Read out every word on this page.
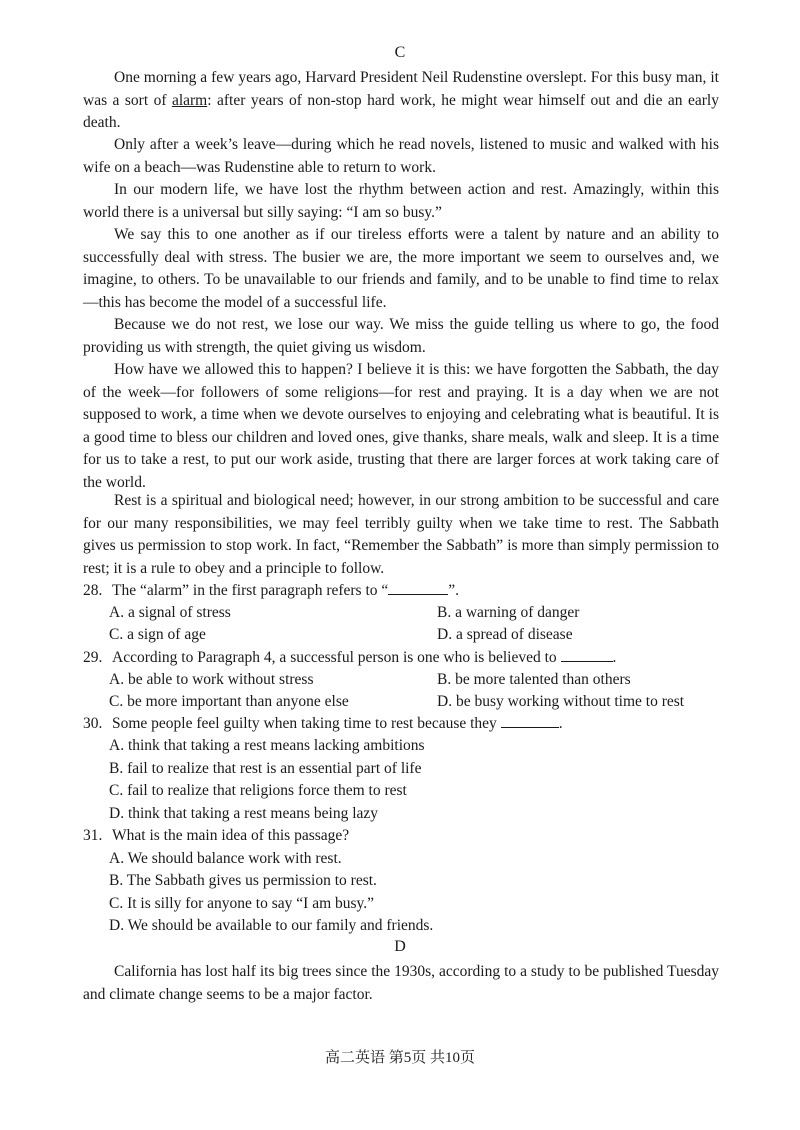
C

One morning a few years ago, Harvard President Neil Rudenstine overslept. For this busy man, it was a sort of alarm: after years of non-stop hard work, he might wear himself out and die an early death.

Only after a week’s leave—during which he read novels, listened to music and walked with his wife on a beach—was Rudenstine able to return to work.

In our modern life, we have lost the rhythm between action and rest. Amazingly, within this world there is a universal but silly saying: “I am so busy.”

We say this to one another as if our tireless efforts were a talent by nature and an ability to successfully deal with stress. The busier we are, the more important we seem to ourselves and, we imagine, to others. To be unavailable to our friends and family, and to be unable to find time to relax—this has become the model of a successful life.

Because we do not rest, we lose our way. We miss the guide telling us where to go, the food providing us with strength, the quiet giving us wisdom.

How have we allowed this to happen? I believe it is this: we have forgotten the Sabbath, the day of the week—for followers of some religions—for rest and praying. It is a day when we are not supposed to work, a time when we devote ourselves to enjoying and celebrating what is beautiful. It is a good time to bless our children and loved ones, give thanks, share meals, walk and sleep. It is a time for us to take a rest, to put our work aside, trusting that there are larger forces at work taking care of the world.

Rest is a spiritual and biological need; however, in our strong ambition to be successful and care for our many responsibilities, we may feel terribly guilty when we take time to rest. The Sabbath gives us permission to stop work. In fact, “Remember the Sabbath” is more than simply permission to rest; it is a rule to obey and a principle to follow.

28. The “alarm” in the first paragraph refers to “	”.

A. a signal of stress	B. a warning of danger
C. a sign of age	D. a spread of disease

29. According to Paragraph 4, a successful person is one who is believed to	.

A. be able to work without stress	B. be more talented than others
C. be more important than anyone else	D. be busy working without time to rest

30. Some people feel guilty when taking time to rest because they	.

A. think that taking a rest means lacking ambitions
B. fail to realize that rest is an essential part of life
C. fail to realize that religions force them to rest
D. think that taking a rest means being lazy

31. What is the main idea of this passage?

A. We should balance work with rest.
B. The Sabbath gives us permission to rest.
C. It is silly for anyone to say “I am busy.”
D. We should be available to our family and friends.
D

California has lost half its big trees since the 1930s, according to a study to be published Tuesday and climate change seems to be a major factor.

高二英语 第5页 共10页
